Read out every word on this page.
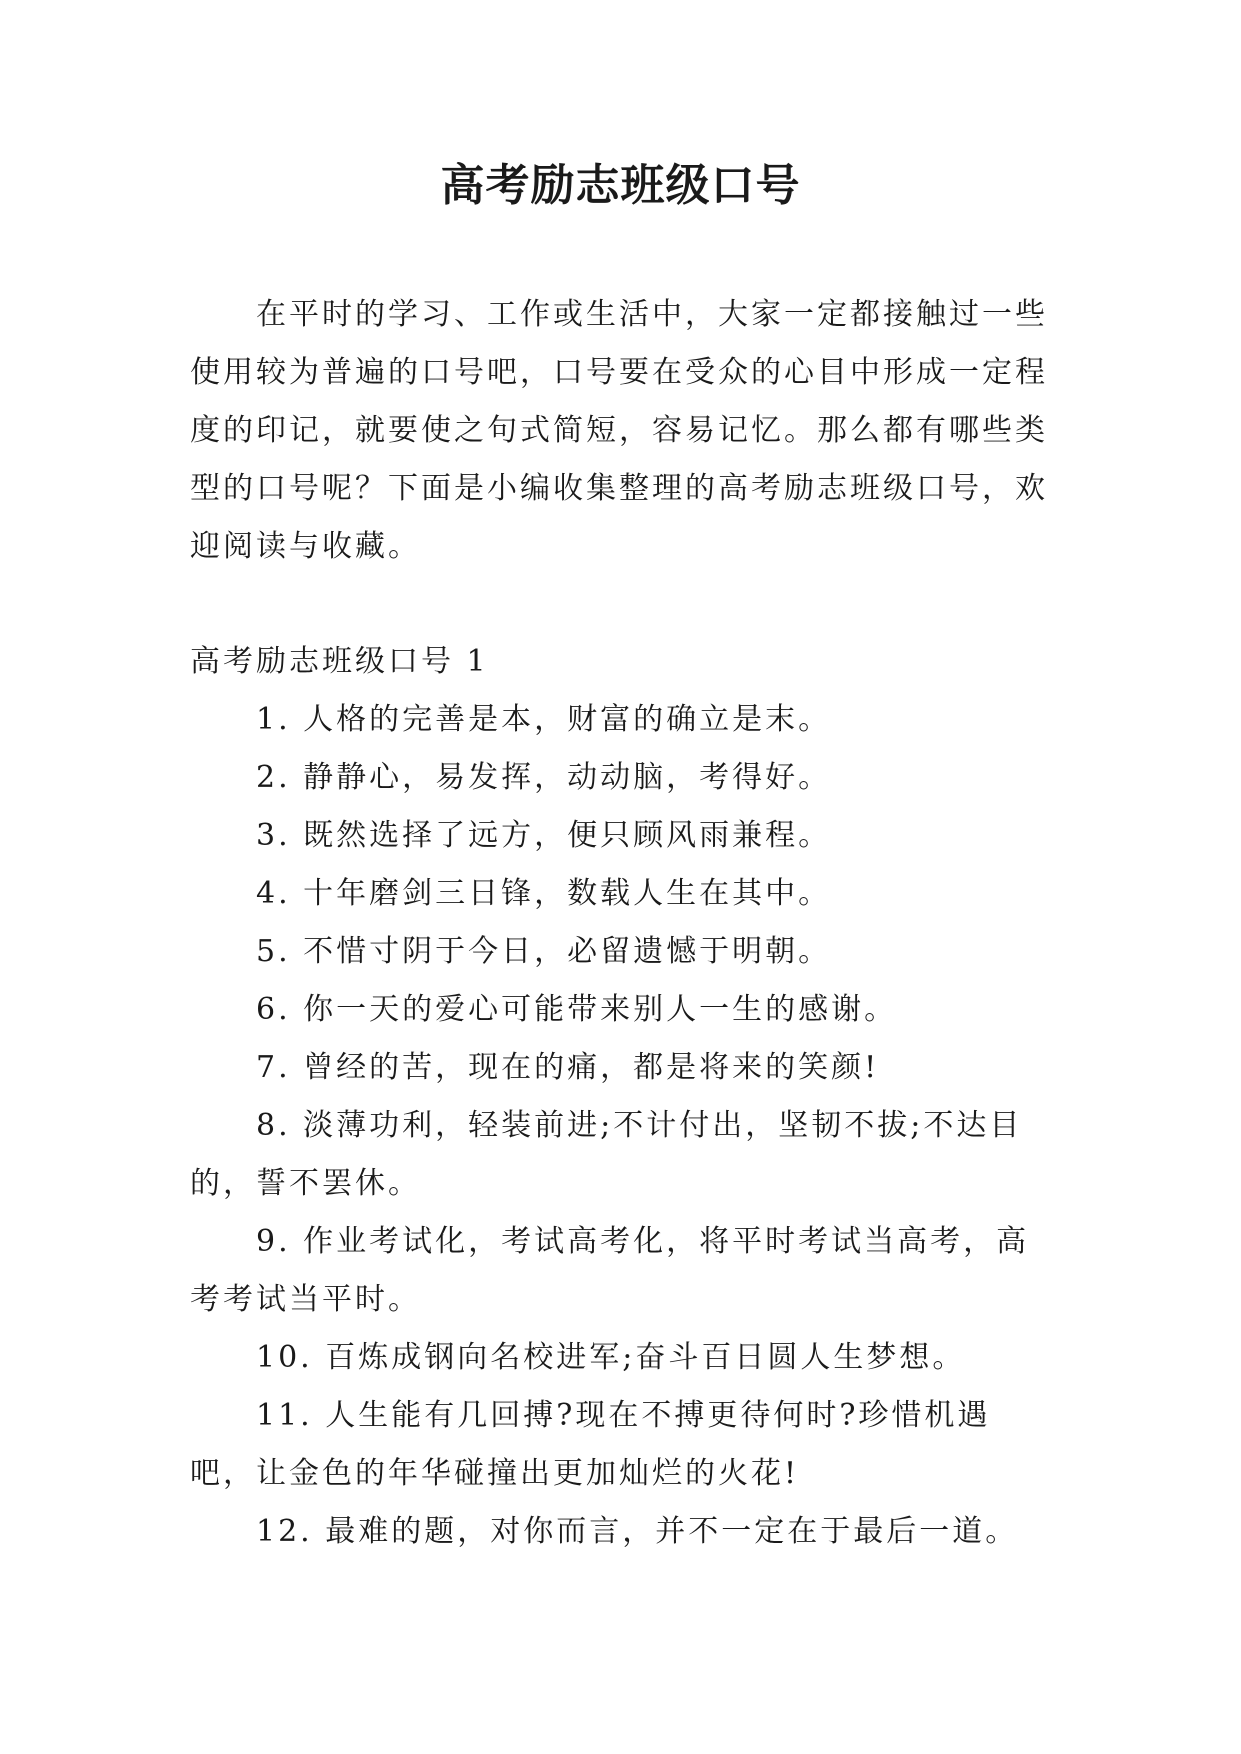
高考励志班级口号

在平时的学习、工作或生活中，大家一定都接触过一些使用较为普遍的口号吧，口号要在受众的心目中形成一定程度的印记，就要使之句式简短，容易记忆。那么都有哪些类型的口号呢？下面是小编收集整理的高考励志班级口号，欢迎阅读与收藏。

高考励志班级口号 1

1. 人格的完善是本，财富的确立是末。

2. 静静心，易发挥，动动脑，考得好。

3. 既然选择了远方，便只顾风雨兼程。

4. 十年磨剑三日锋，数载人生在其中。

5. 不惜寸阴于今日，必留遗憾于明朝。

6. 你一天的爱心可能带来别人一生的感谢。

7. 曾经的苦，现在的痛，都是将来的笑颜!

8. 淡薄功利，轻装前进;不计付出，坚韧不拔;不达目的，誓不罢休。

9. 作业考试化，考试高考化，将平时考试当高考，高考考试当平时。

10. 百炼成钢向名校进军;奋斗百日圆人生梦想。

11. 人生能有几回搏?现在不搏更待何时?珍惜机遇吧，让金色的年华碰撞出更加灿烂的火花!

12. 最难的题，对你而言，并不一定在于最后一道。
